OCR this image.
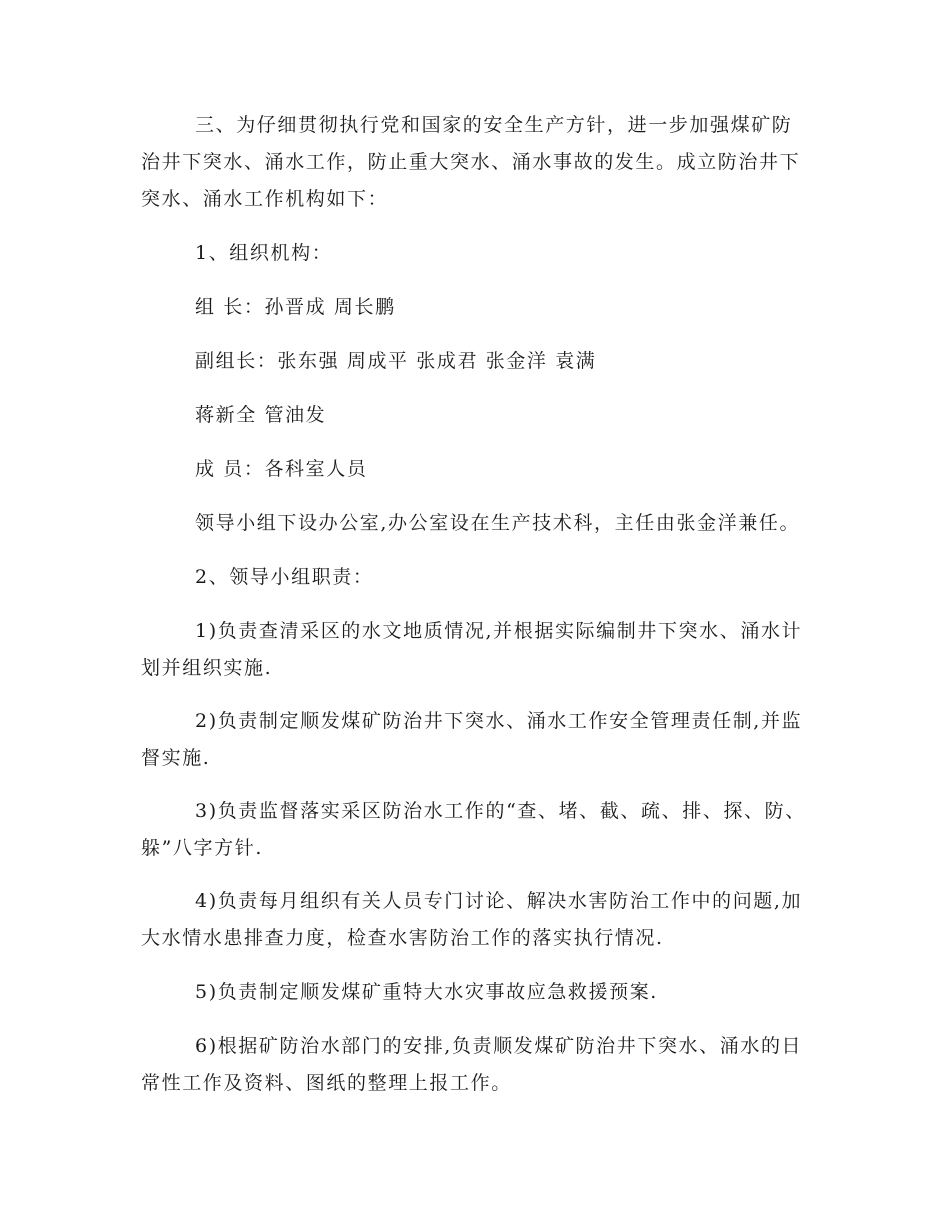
三、为仔细贯彻执行党和国家的安全生产方针，进一步加强煤矿防治井下突水、涌水工作，防止重大突水、涌水事故的发生。成立防治井下突水、涌水工作机构如下：

1、组织机构：

组 长：孙晋成 周长鹏

副组长：张东强 周成平 张成君 张金洋 袁满

蒋新全 管油发

成 员：各科室人员

领导小组下设办公室,办公室设在生产技术科，主任由张金洋兼任。

2、领导小组职责：

1)负责查清采区的水文地质情况,并根据实际编制井下突水、涌水计划并组织实施.

2)负责制定顺发煤矿防治井下突水、涌水工作安全管理责任制,并监督实施.

3)负责监督落实采区防治水工作的“查、堵、截、疏、排、探、防、躲”八字方针.

4)负责每月组织有关人员专门讨论、解决水害防治工作中的问题,加大水情水患排查力度，检查水害防治工作的落实执行情况.

5)负责制定顺发煤矿重特大水灾事故应急救援预案.

6)根据矿防治水部门的安排,负责顺发煤矿防治井下突水、涌水的日常性工作及资料、图纸的整理上报工作。
